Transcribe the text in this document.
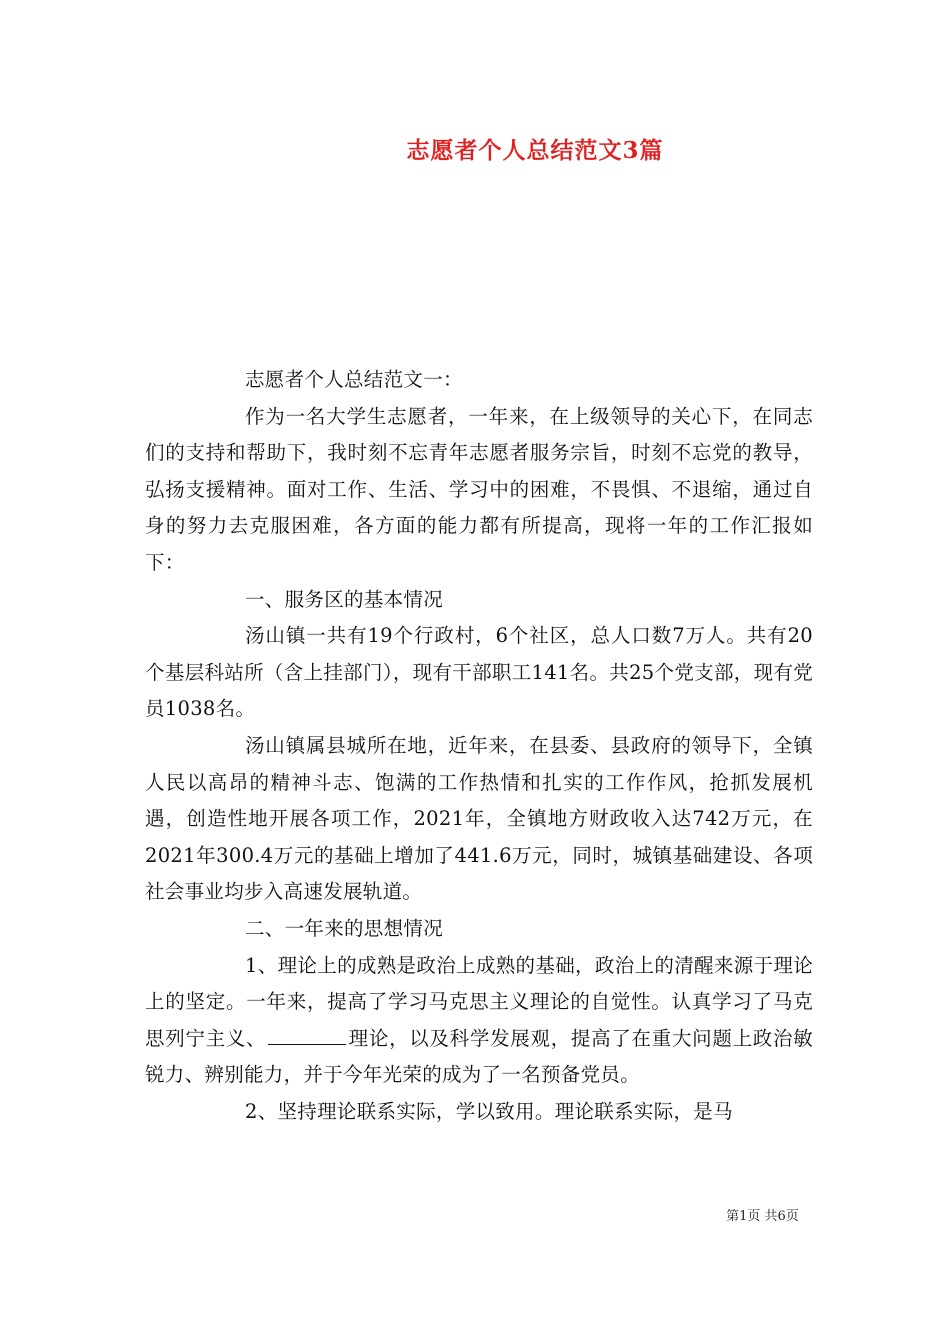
志愿者个人总结范文3篇

志愿者个人总结范文一：

作为一名大学生志愿者，一年来，在上级领导的关心下，在同志们的支持和帮助下，我时刻不忘青年志愿者服务宗旨，时刻不忘党的教导，弘扬支援精神。面对工作、生活、学习中的困难，不畏惧、不退缩，通过自身的努力去克服困难，各方面的能力都有所提高，现将一年的工作汇报如下：

一、服务区的基本情况

汤山镇一共有19个行政村，6个社区，总人口数7万人。共有20个基层科站所（含上挂部门），现有干部职工141名。共25个党支部，现有党员1038名。

汤山镇属县城所在地，近年来，在县委、县政府的领导下，全镇人民以高昂的精神斗志、饱满的工作热情和扎实的工作作风，抢抓发展机遇，创造性地开展各项工作，2021年，全镇地方财政收入达742万元，在2021年300.4万元的基础上增加了441.6万元，同时，城镇基础建设、各项社会事业均步入高速发展轨道。

二、一年来的思想情况

1、理论上的成熟是政治上成熟的基础，政治上的清醒来源于理论上的坚定。一年来，提高了学习马克思主义理论的自觉性。认真学习了马克思列宁主义、	理论，以及科学发展观，提高了在重大问题上政治敏锐力、辨别能力，并于今年光荣的成为了一名预备党员。

2、坚持理论联系实际，学以致用。理论联系实际，是马

第1页 共6页
